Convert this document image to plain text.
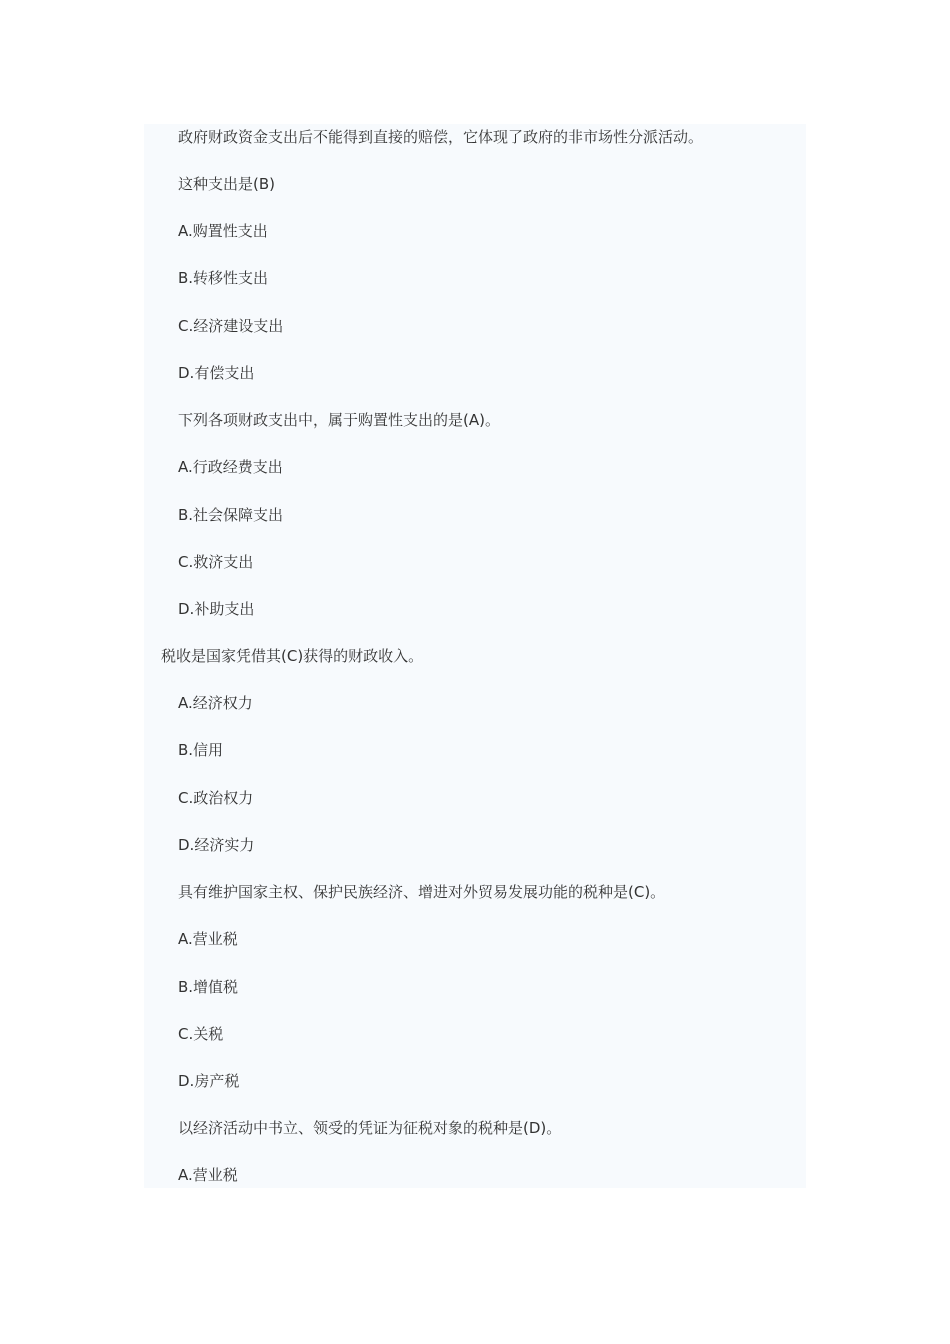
政府财政资金支出后不能得到直接的赔偿，它体现了政府的非市场性分派活动。
这种支出是(B)
A.购置性支出
B.转移性支出
C.经济建设支出
D.有偿支出
下列各项财政支出中，属于购置性支出的是(A)。
A.行政经费支出
B.社会保障支出
C.救济支出
D.补助支出
税收是国家凭借其(C)获得的财政收入。
A.经济权力
B.信用
C.政治权力
D.经济实力
具有维护国家主权、保护民族经济、增进对外贸易发展功能的税种是(C)。
A.营业税
B.增值税
C.关税
D.房产税
以经济活动中书立、领受的凭证为征税对象的税种是(D)。
A.营业税
